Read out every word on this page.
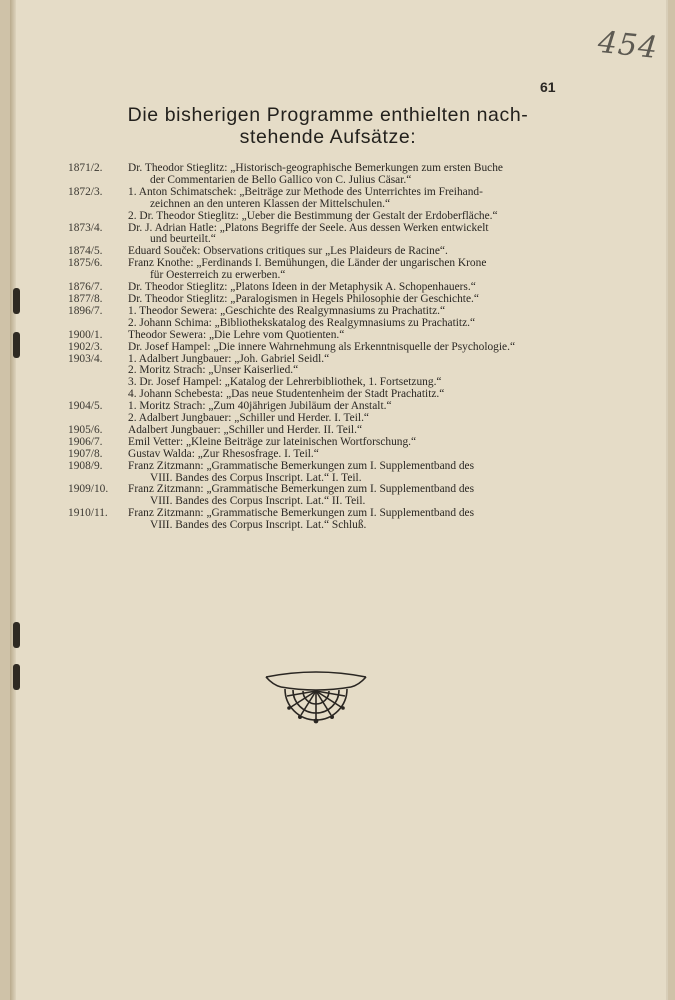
454
61
Die bisherigen Programme enthielten nach-
stehende Aufsätze:
1871/2.	Dr. Theodor Stieglitz: „Historisch-geographische Bemerkungen zum ersten Buche
der Commentarien de Bello Gallico von C. Julius Cäsar.“
1872/3.	1. Anton Schimatschek: „Beiträge zur Methode des Unterrichtes im Freihand-
zeichnen an den unteren Klassen der Mittelschulen.“
2. Dr. Theodor Stieglitz: „Ueber die Bestimmung der Gestalt der Erdoberfläche.“
1873/4.	Dr. J. Adrian Hatle: „Platons Begriffe der Seele. Aus dessen Werken entwickelt
und beurteilt.“
1874/5.	Eduard Souček: Observations critiques sur „Les Plaideurs de Racine“.
1875/6.	Franz Knothe: „Ferdinands I. Bemühungen, die Länder der ungarischen Krone
für Oesterreich zu erwerben.“
1876/7.	Dr. Theodor Stieglitz: „Platons Ideen in der Metaphysik A. Schopenhauers.“
1877/8.	Dr. Theodor Stieglitz: „Paralogismen in Hegels Philosophie der Geschichte.“
1896/7.	1. Theodor Sewera: „Geschichte des Realgymnasiums zu Prachatitz.“
2. Johann Schima: „Bibliothekskatalog des Realgymnasiums zu Prachatitz.“
1900/1.	Theodor Sewera: „Die Lehre vom Quotienten.“
1902/3.	Dr. Josef Hampel: „Die innere Wahrnehmung als Erkenntnisquelle der Psychologie.“
1903/4.	1. Adalbert Jungbauer: „Joh. Gabriel Seidl.“
2. Moritz Strach: „Unser Kaiserlied.“
3. Dr. Josef Hampel: „Katalog der Lehrerbibliothek, 1. Fortsetzung.“
4. Johann Schebesta: „Das neue Studentenheim der Stadt Prachatitz.“
1904/5.	1. Moritz Strach: „Zum 40jährigen Jubiläum der Anstalt.“
2. Adalbert Jungbauer: „Schiller und Herder. I. Teil.“
1905/6.	Adalbert Jungbauer: „Schiller und Herder. II. Teil.“
1906/7.	Emil Vetter: „Kleine Beiträge zur lateinischen Wortforschung.“
1907/8.	Gustav Walda: „Zur Rhesosfrage. I. Teil.“
1908/9.	Franz Zitzmann: „Grammatische Bemerkungen zum I. Supplementband des
VIII. Bandes des Corpus Inscript. Lat.“ I. Teil.
1909/10.	Franz Zitzmann: „Grammatische Bemerkungen zum I. Supplementband des
VIII. Bandes des Corpus Inscript. Lat.“ II. Teil.
1910/11.	Franz Zitzmann: „Grammatische Bemerkungen zum I. Supplementband des
VIII. Bandes des Corpus Inscript. Lat.“ Schluß.
